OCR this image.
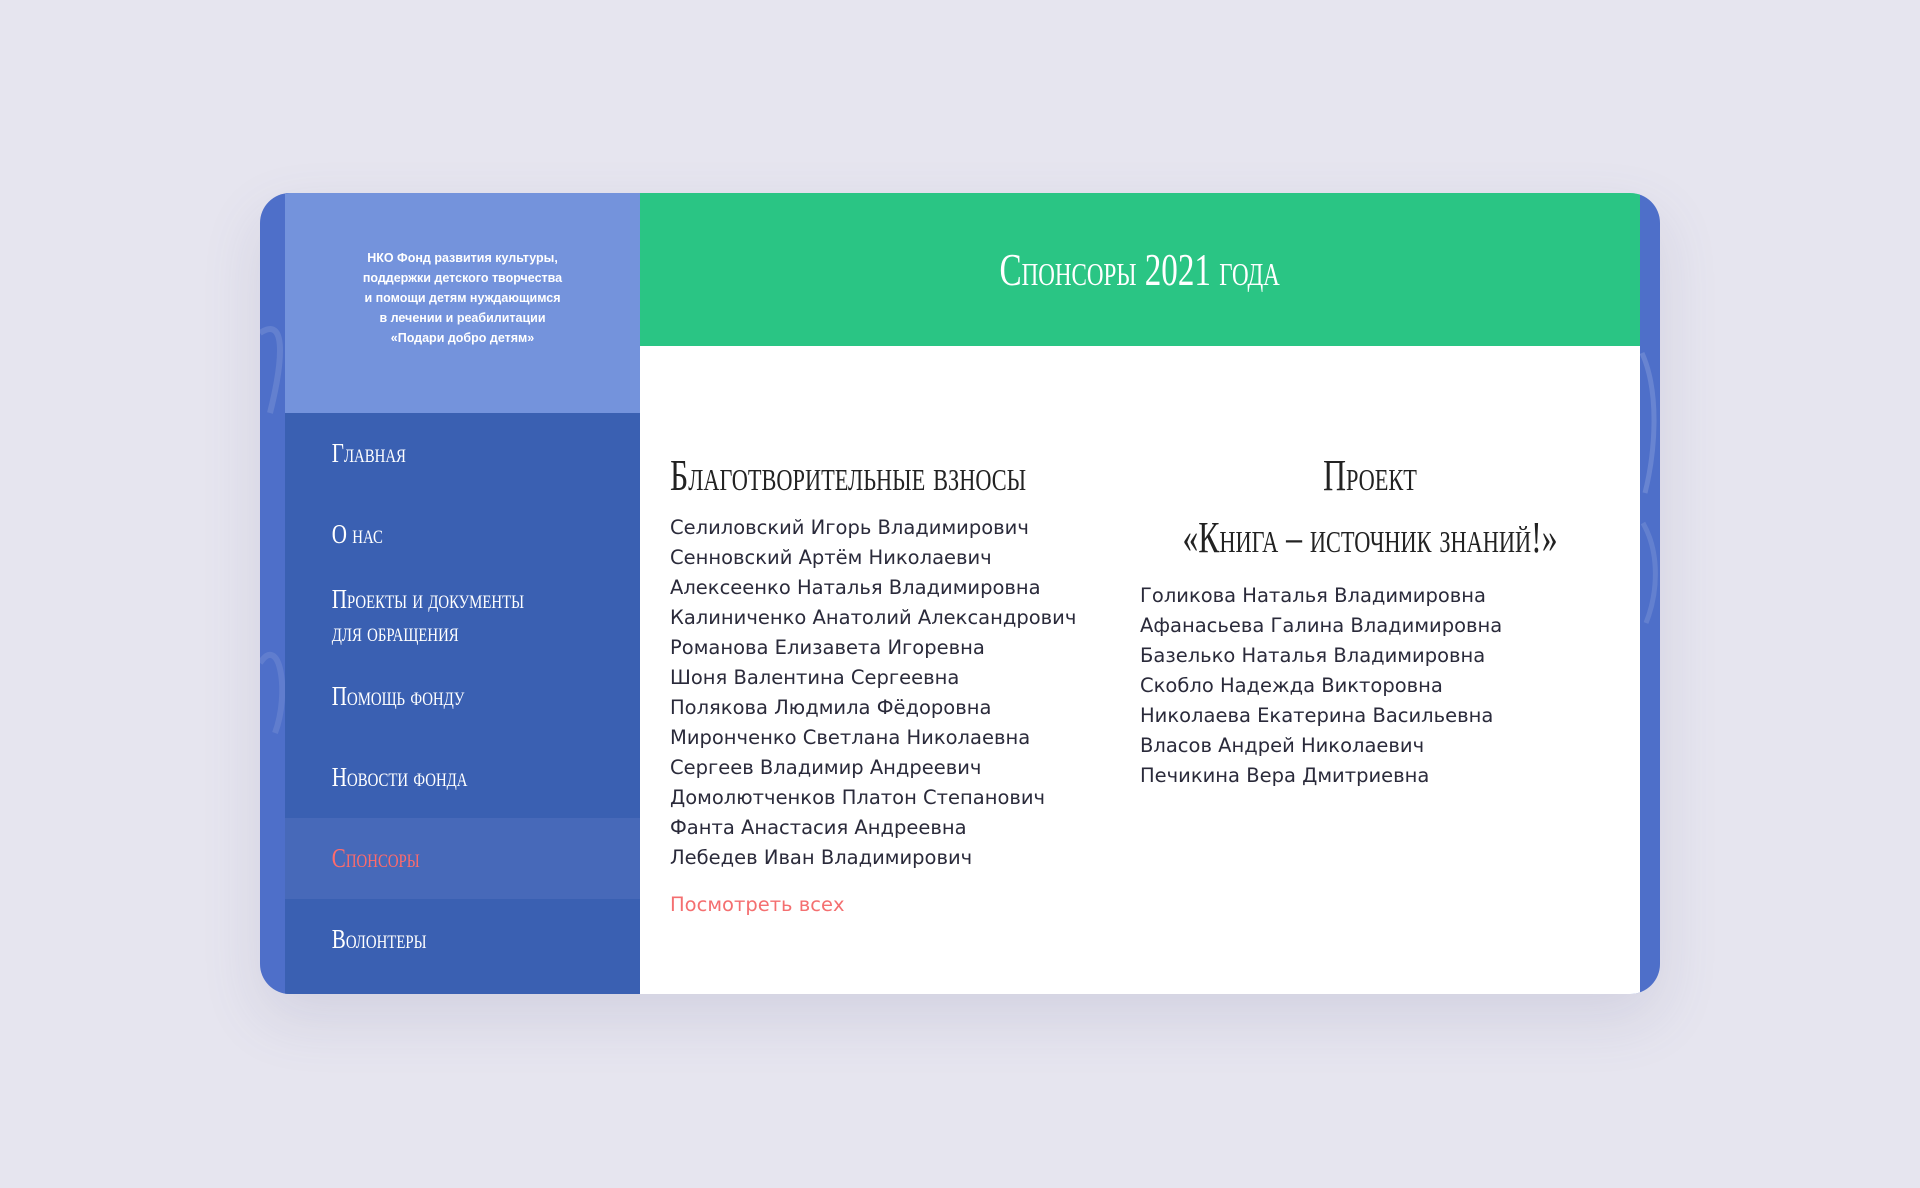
НКО Фонд развития культуры,
поддержки детского творчества
и помощи детям нуждающимся
в лечении и реабилитации
«Подари добро детям»
Главная
О нас
Проекты и документы
для обращения
Помощь фонду
Новости фонда
Спонсоры
Волонтеры
Спонсоры 2021 года
Благотворительные взносы
Селиловский Игорь Владимирович
Сенновский Артём Николаевич
Алексеенко Наталья Владимировна
Калиниченко Анатолий Александрович
Романова Елизавета Игоревна
Шоня Валентина Сергеевна
Полякова Людмила Фёдоровна
Миронченко Светлана Николаевна
Сергеев Владимир Андреевич
Домолютченков Платон Степанович
Фанта Анастасия Андреевна
Лебедев Иван Владимирович
Посмотреть всех
Проект
«Книга – источник знаний!»
Голикова Наталья Владимировна
Афанасьева Галина Владимировна
Базелько Наталья Владимировна
Скобло Надежда Викторовна
Николаева Екатерина Васильевна
Власов Андрей Николаевич
Печикина Вера Дмитриевна
